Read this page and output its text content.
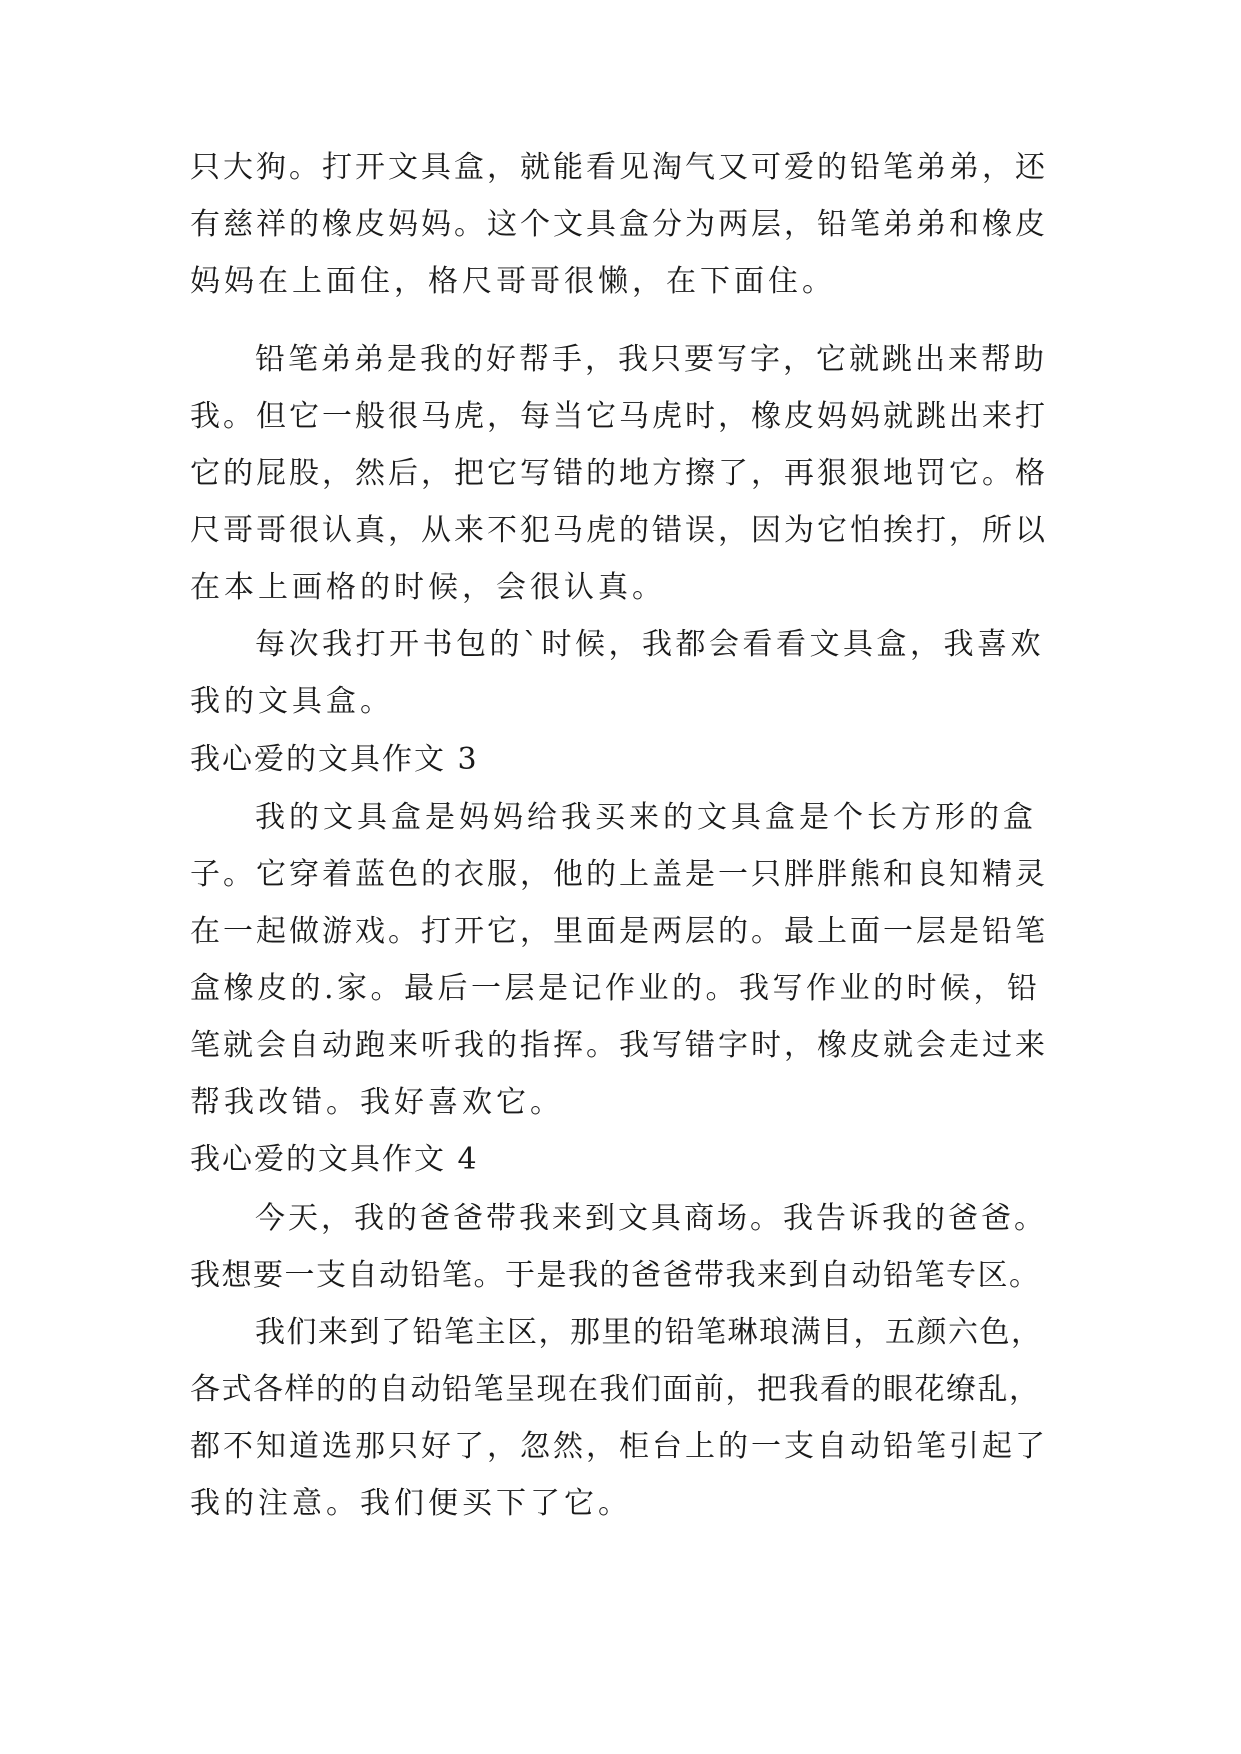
只大狗。打开文具盒，就能看见淘气又可爱的铅笔弟弟，还
有慈祥的橡皮妈妈。这个文具盒分为两层，铅笔弟弟和橡皮
妈妈在上面住，格尺哥哥很懒，在下面住。
铅笔弟弟是我的好帮手，我只要写字，它就跳出来帮助
我。但它一般很马虎，每当它马虎时，橡皮妈妈就跳出来打
它的屁股，然后，把它写错的地方擦了，再狠狠地罚它。格
尺哥哥很认真，从来不犯马虎的错误，因为它怕挨打，所以
在本上画格的时候，会很认真。
每次我打开书包的`时候，我都会看看文具盒，我喜欢
我的文具盒。
我心爱的文具作文 3
我的文具盒是妈妈给我买来的文具盒是个长方形的盒
子。它穿着蓝色的衣服，他的上盖是一只胖胖熊和良知精灵
在一起做游戏。打开它，里面是两层的。最上面一层是铅笔
盒橡皮的.家。最后一层是记作业的。我写作业的时候，铅
笔就会自动跑来听我的指挥。我写错字时，橡皮就会走过来
帮我改错。我好喜欢它。
我心爱的文具作文 4
今天，我的爸爸带我来到文具商场。我告诉我的爸爸。
我想要一支自动铅笔。于是我的爸爸带我来到自动铅笔专区。
我们来到了铅笔主区，那里的铅笔琳琅满目，五颜六色，
各式各样的的自动铅笔呈现在我们面前，把我看的眼花缭乱，
都不知道选那只好了，忽然，柜台上的一支自动铅笔引起了
我的注意。我们便买下了它。
